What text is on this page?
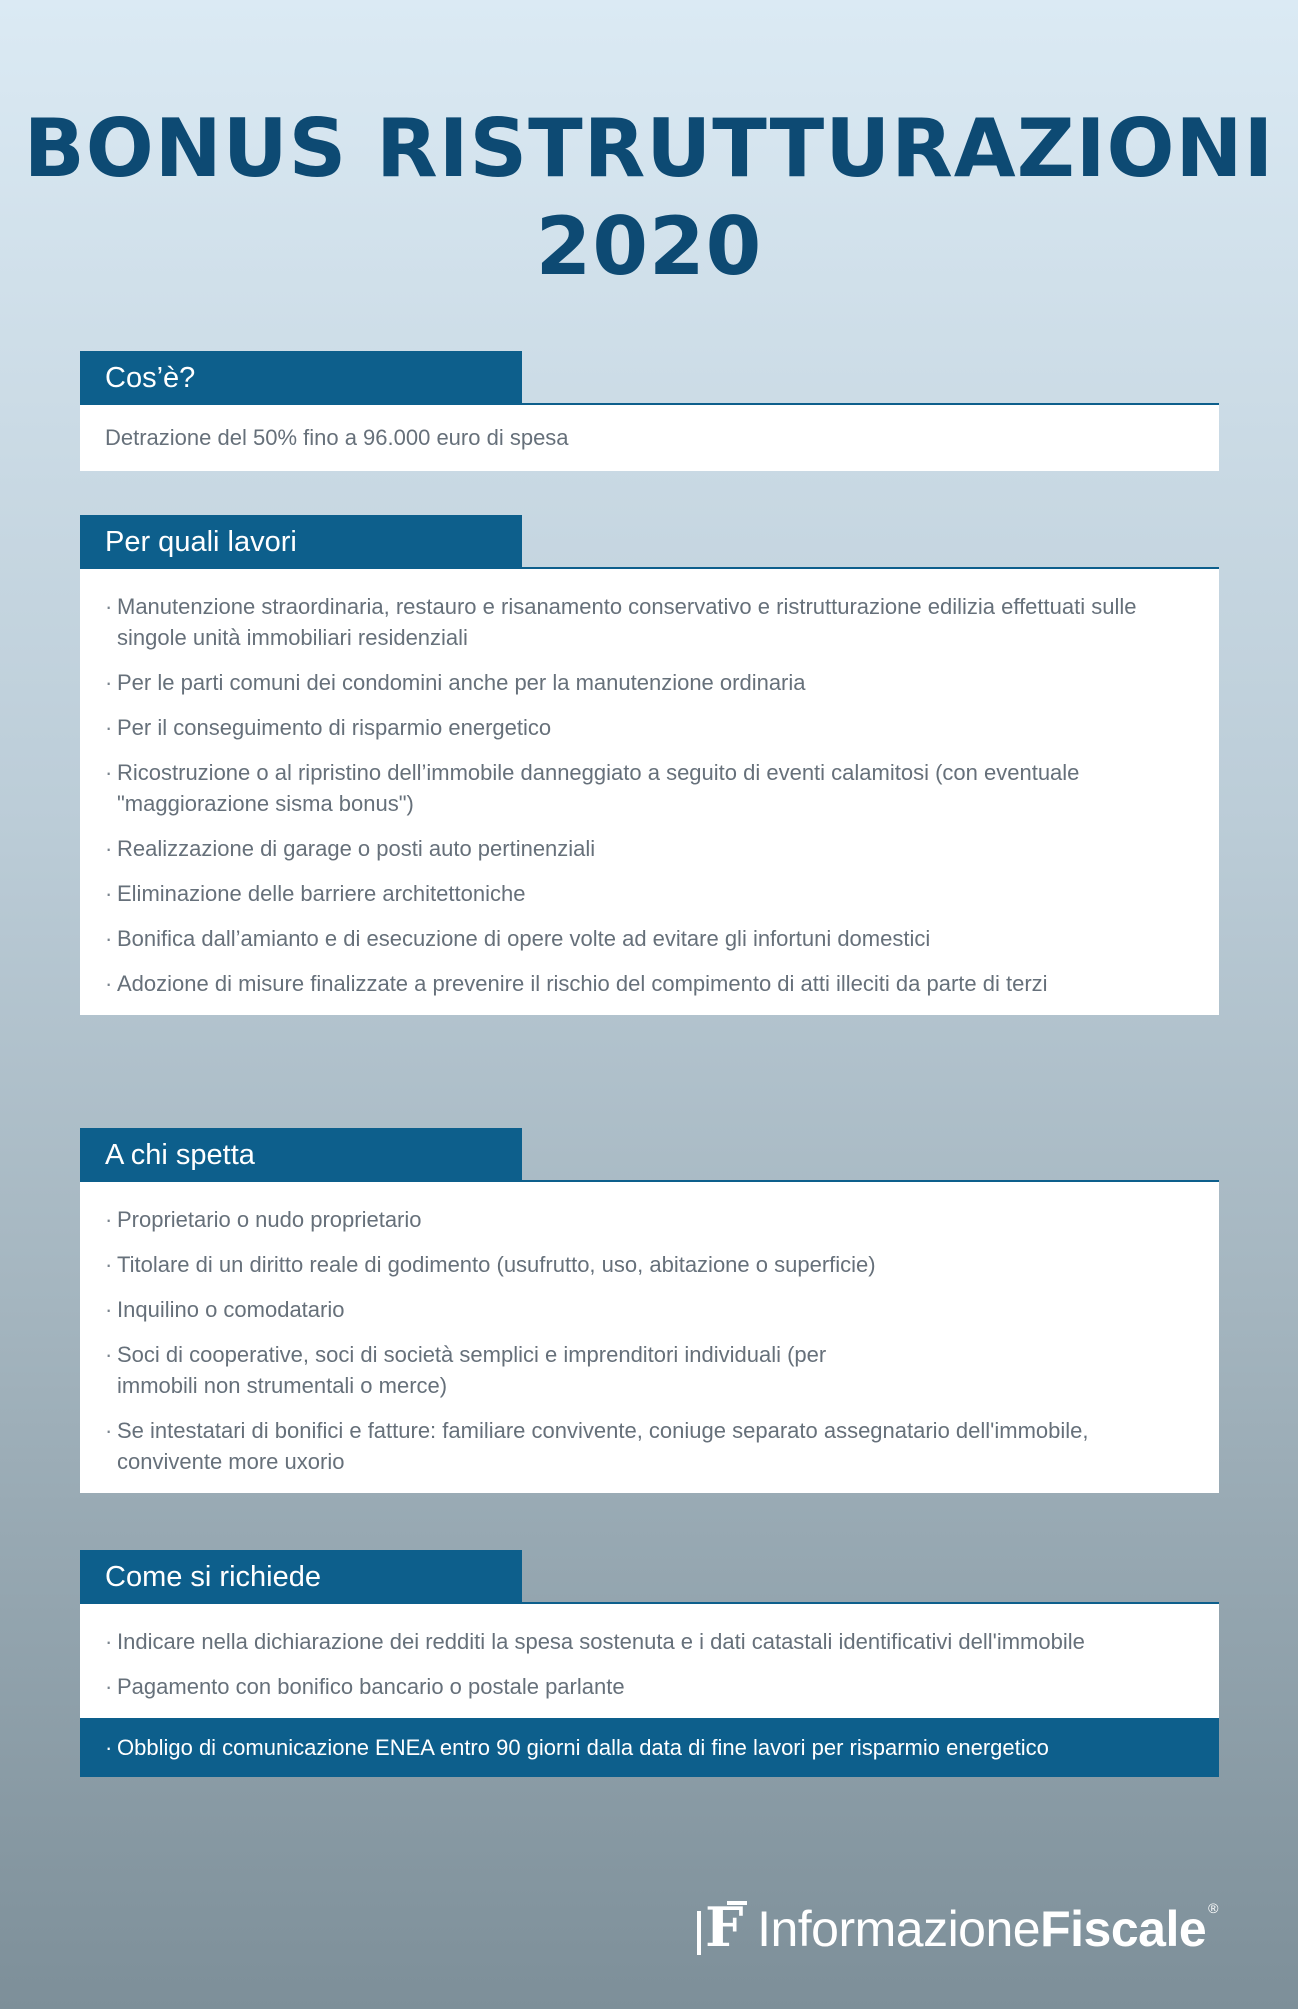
BONUS RISTRUTTURAZIONI
2020
Cos’è?
Detrazione del 50% fino a 96.000 euro di spesa
Per quali lavori
· Manutenzione straordinaria, restauro e risanamento conservativo e ristrutturazione edilizia effettuati sulle singole unità immobiliari residenziali
· Per le parti comuni dei condomini anche per la manutenzione ordinaria
· Per il conseguimento di risparmio energetico
· Ricostruzione o al ripristino dell’immobile danneggiato a seguito di eventi calamitosi (con eventuale "maggiorazione sisma bonus")
· Realizzazione di garage o posti auto pertinenziali
· Eliminazione delle barriere architettoniche
· Bonifica dall’amianto e di esecuzione di opere volte ad evitare gli infortuni domestici
· Adozione di misure finalizzate a prevenire il rischio del compimento di atti illeciti da parte di terzi
A chi spetta
· Proprietario o nudo proprietario
· Titolare di un diritto reale di godimento (usufrutto, uso, abitazione o superficie)
· Inquilino o comodatario
· Soci di cooperative, soci di società semplici e imprenditori individuali (per immobili non strumentali o merce)
· Se intestatari di bonifici e fatture: familiare convivente, coniuge separato assegnatario dell'immobile, convivente more uxorio
Come si richiede
· Indicare nella dichiarazione dei redditi la spesa sostenuta e i dati catastali identificativi dell'immobile
· Pagamento con bonifico bancario o postale parlante
· Obbligo di comunicazione ENEA entro 90 giorni dalla data di fine lavori per risparmio energetico
F InformazioneFiscale ®
